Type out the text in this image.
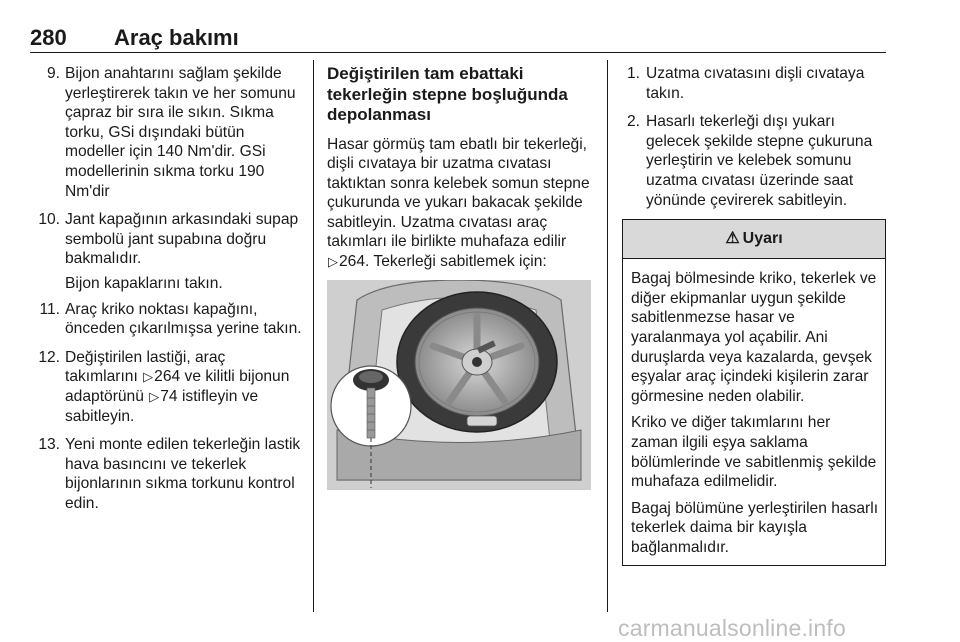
280 Araç bakımı
9. Bijon anahtarını sağlam şekilde yerleştirerek takın ve her somunu çapraz bir sıra ile sıkın. Sıkma torku, GSi dışındaki bütün modeller için 140 Nm'dir. GSi modellerinin sıkma torku 190 Nm'dir
10. Jant kapağının arkasındaki supap sembolü jant supabına doğru bakmalıdır.
Bijon kapaklarını takın.
11. Araç kriko noktası kapağını, önceden çıkarılmışsa yerine takın.
12. Değiştirilen lastiği, araç takımlarını ▷264 ve kilitli bijonun adaptörünü ▷74 istifleyin ve sabitleyin.
13. Yeni monte edilen tekerleğin lastik hava basıncını ve tekerlek bijonlarının sıkma torkunu kontrol edin.
Değiştirilen tam ebattaki tekerleğin stepne boşluğunda depolanması

Hasar görmüş tam ebatlı bir tekerleği, dişli cıvataya bir uzatma cıvatası taktıktan sonra kelebek somun stepne çukurunda ve yukarı bakacak şekilde sabitleyin. Uzatma cıvatası araç takımları ile birlikte muhafaza edilir ▷264. Tekerleği sabitlemek için:

1. Uzatma cıvatasını dişli cıvataya takın.
2. Hasarlı tekerleği dışı yukarı gelecek şekilde stepne çukuruna yerleştirin ve kelebek somunu uzatma cıvatası üzerinde saat yönünde çevirerek sabitleyin.
⚠ Uyarı

Bagaj bölmesinde kriko, tekerlek ve diğer ekipmanlar uygun şekilde sabitlenmezse hasar ve yaralanmaya yol açabilir. Ani duruşlarda veya kazalarda, gevşek eşyalar araç içindeki kişilerin zarar görmesine neden olabilir.

Kriko ve diğer takımlarını her zaman ilgili eşya saklama bölümlerinde ve sabitlenmiş şekilde muhafaza edilmelidir.

Bagaj bölümüne yerleştirilen hasarlı tekerlek daima bir kayışla bağlanmalıdır.

carmanualsonline.info
